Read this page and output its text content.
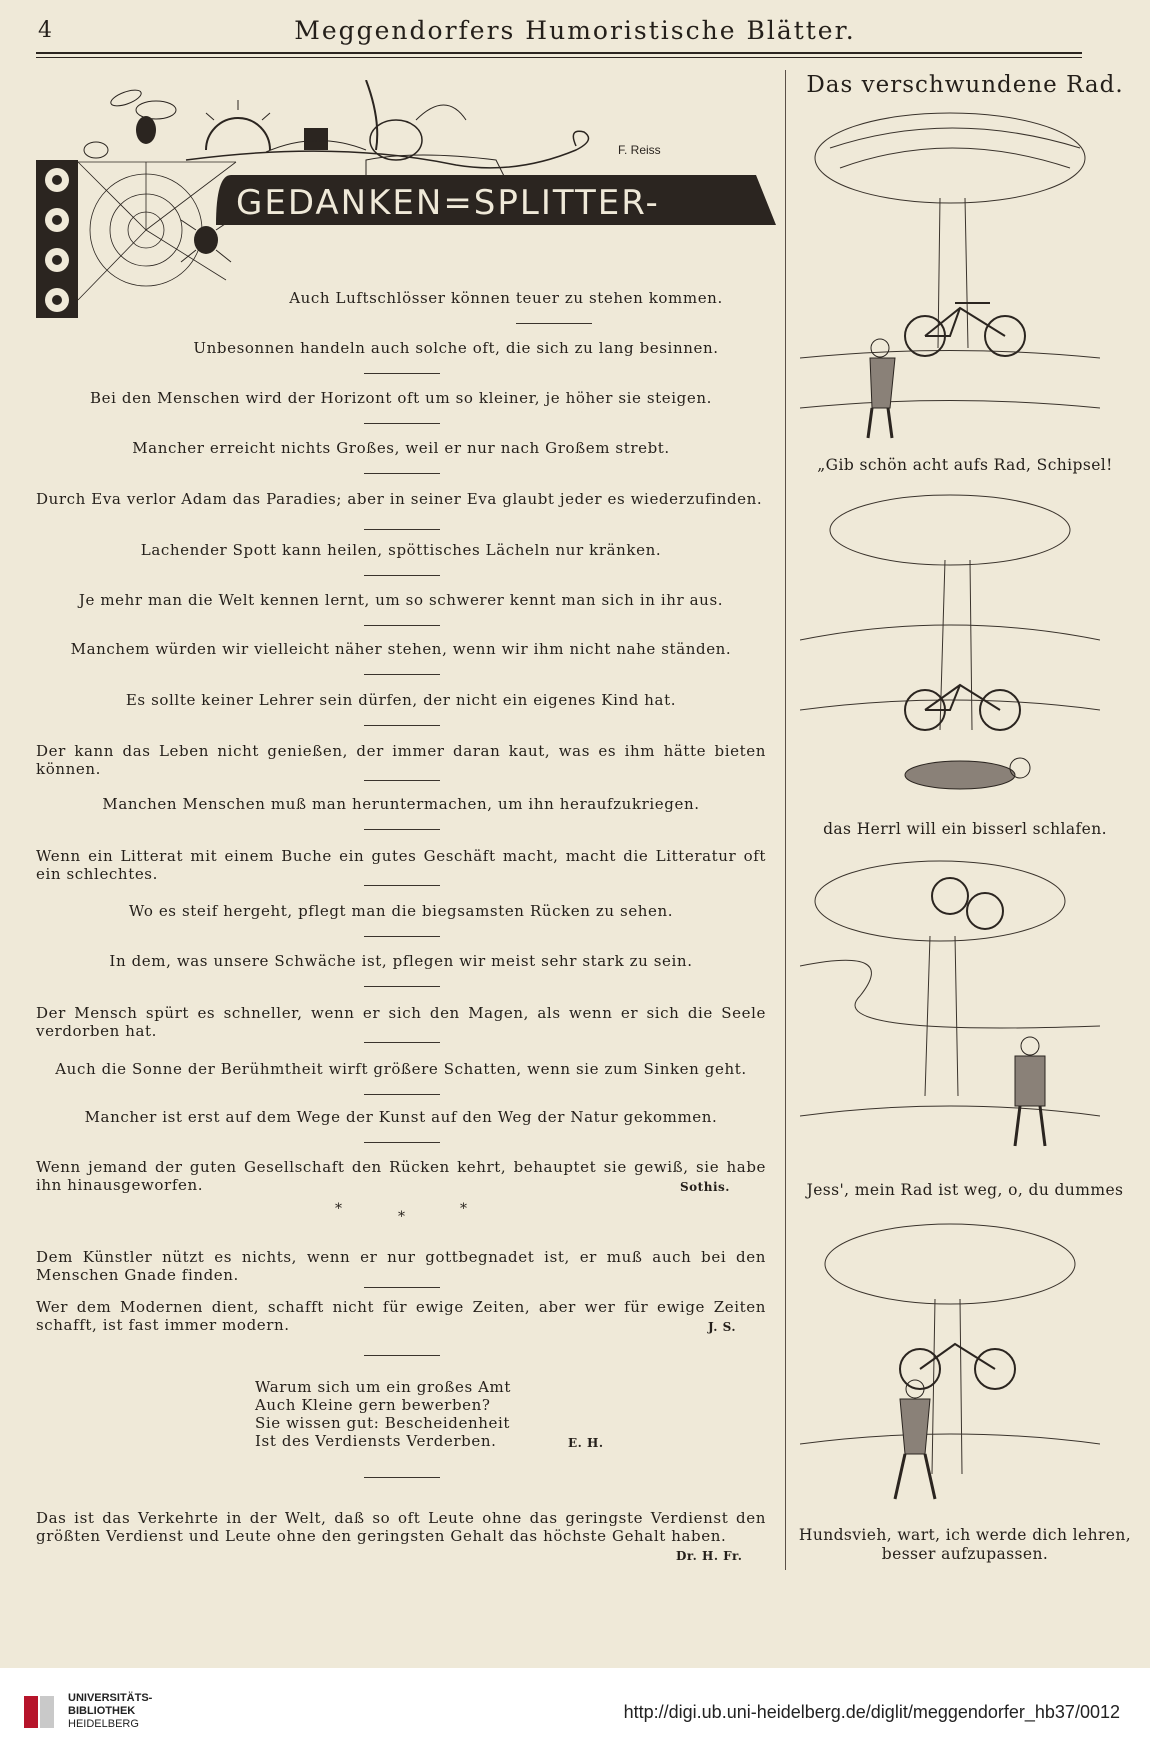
4	Meggendorfers Humoristische Blätter.
F. Reiss
GEDANKEN=SPLITTER-
Auch Luftschlösser können teuer zu stehen kommen.
Unbesonnen handeln auch solche oft, die sich zu lang besinnen.
Bei den Menschen wird der Horizont oft um so kleiner, je höher sie steigen.
Mancher erreicht nichts Großes, weil er nur nach Großem strebt.
Durch Eva verlor Adam das Paradies; aber in seiner Eva glaubt jeder es wiederzufinden.
Lachender Spott kann heilen, spöttisches Lächeln nur kränken.
Je mehr man die Welt kennen lernt, um so schwerer kennt man sich in ihr aus.
Manchem würden wir vielleicht näher stehen, wenn wir ihm nicht nahe ständen.
Es sollte keiner Lehrer sein dürfen, der nicht ein eigenes Kind hat.
Der kann das Leben nicht genießen, der immer daran kaut, was es ihm hätte bieten können.
Manchen Menschen muß man heruntermachen, um ihn heraufzukriegen.
Wenn ein Litterat mit einem Buche ein gutes Geschäft macht, macht die Litteratur oft ein schlechtes.
Wo es steif hergeht, pflegt man die biegsamsten Rücken zu sehen.
In dem, was unsere Schwäche ist, pflegen wir meist sehr stark zu sein.
Der Mensch spürt es schneller, wenn er sich den Magen, als wenn er sich die Seele verdorben hat.
Auch die Sonne der Berühmtheit wirft größere Schatten, wenn sie zum Sinken geht.
Mancher ist erst auf dem Wege der Kunst auf den Weg der Natur gekommen.
Wenn jemand der guten Gesellschaft den Rücken kehrt, behauptet sie gewiß, sie habe ihn hinausgeworfen.	Sothis.
*	*	*
Dem Künstler nützt es nichts, wenn er nur gottbegnadet ist, er muß auch bei den Menschen Gnade finden.
Wer dem Modernen dient, schafft nicht für ewige Zeiten, aber wer für ewige Zeiten schafft, ist fast immer modern.	J. S.
Warum sich um ein großes Amt
Auch Kleine gern bewerben?
Sie wissen gut: Bescheidenheit
Ist des Verdiensts Verderben.	E. H.
Das ist das Verkehrte in der Welt, daß so oft Leute ohne das geringste Verdienst den größten Verdienst und Leute ohne den geringsten Gehalt das höchste Gehalt haben.
Dr. H. Fr.
Das verschwundene Rad.
„Gib schön acht aufs Rad, Schipsel!
das Herrl will ein bisserl schlafen.
Jess', mein Rad ist weg, o, du dummes
Hundsvieh, wart, ich werde dich lehren, besser aufzupassen.
UNIVERSITÄTS-
BIBLIOTHEK
HEIDELBERG
http://digi.ub.uni-heidelberg.de/diglit/meggendorfer_hb37/0012
